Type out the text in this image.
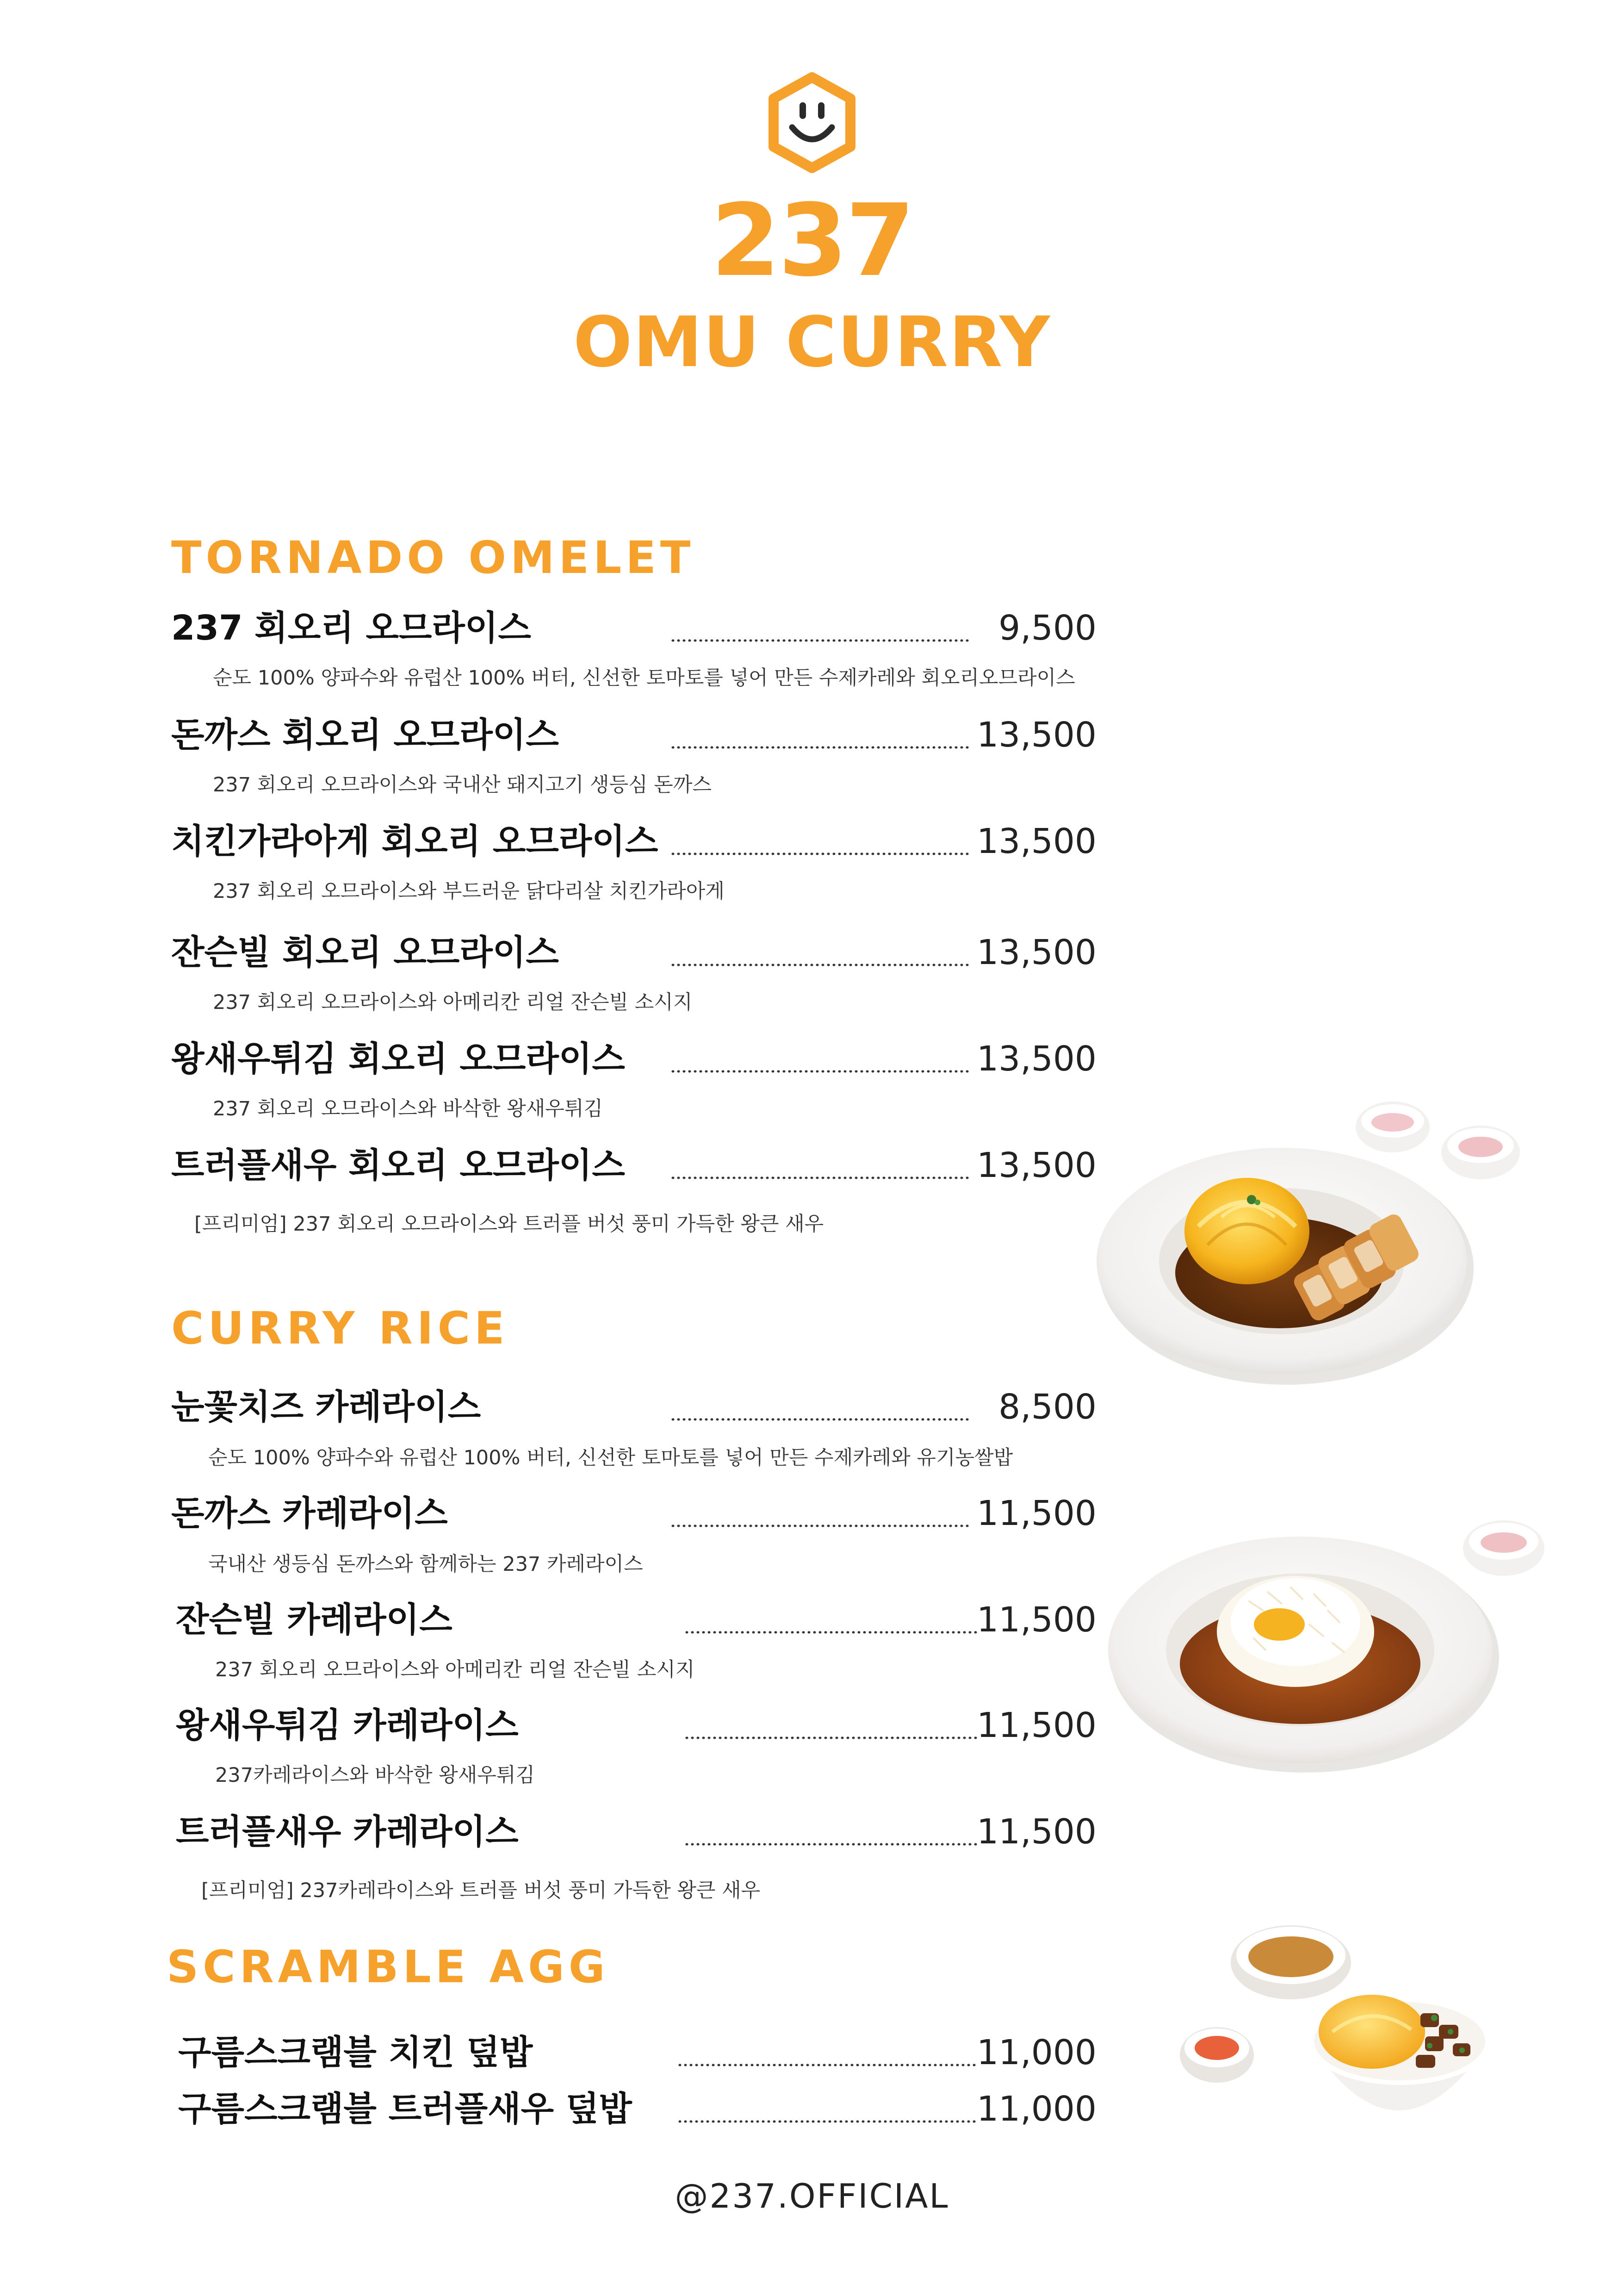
237
OMU CURRY
TORNADO OMELET
237 회오리 오므라이스	9,500
순도 100% 양파수와 유럽산 100% 버터, 신선한 토마토를 넣어 만든 수제카레와 회오리오므라이스
돈까스 회오리 오므라이스	13,500
237 회오리 오므라이스와 국내산 돼지고기 생등심 돈까스
치킨가라아게 회오리 오므라이스	13,500
237 회오리 오므라이스와 부드러운 닭다리살 치킨가라아게
잔슨빌 회오리 오므라이스	13,500
237 회오리 오므라이스와 아메리칸 리얼 잔슨빌 소시지
왕새우튀김 회오리 오므라이스	13,500
237 회오리 오므라이스와 바삭한 왕새우튀김
트러플새우 회오리 오므라이스	13,500
[프리미엄] 237 회오리 오므라이스와 트러플 버섯 풍미 가득한 왕큰 새우
CURRY RICE
눈꽃치즈 카레라이스	8,500
순도 100% 양파수와 유럽산 100% 버터, 신선한 토마토를 넣어 만든 수제카레와 유기농쌀밥
돈까스 카레라이스	11,500
국내산 생등심 돈까스와 함께하는 237 카레라이스
잔슨빌 카레라이스	11,500
237 회오리 오므라이스와 아메리칸 리얼 잔슨빌 소시지
왕새우튀김 카레라이스	11,500
237카레라이스와 바삭한 왕새우튀김
트러플새우 카레라이스	11,500
[프리미엄] 237카레라이스와 트러플 버섯 풍미 가득한 왕큰 새우
SCRAMBLE AGG
구름스크램블 치킨 덮밥	11,000
구름스크램블 트러플새우 덮밥	11,000
@237.OFFICIAL
